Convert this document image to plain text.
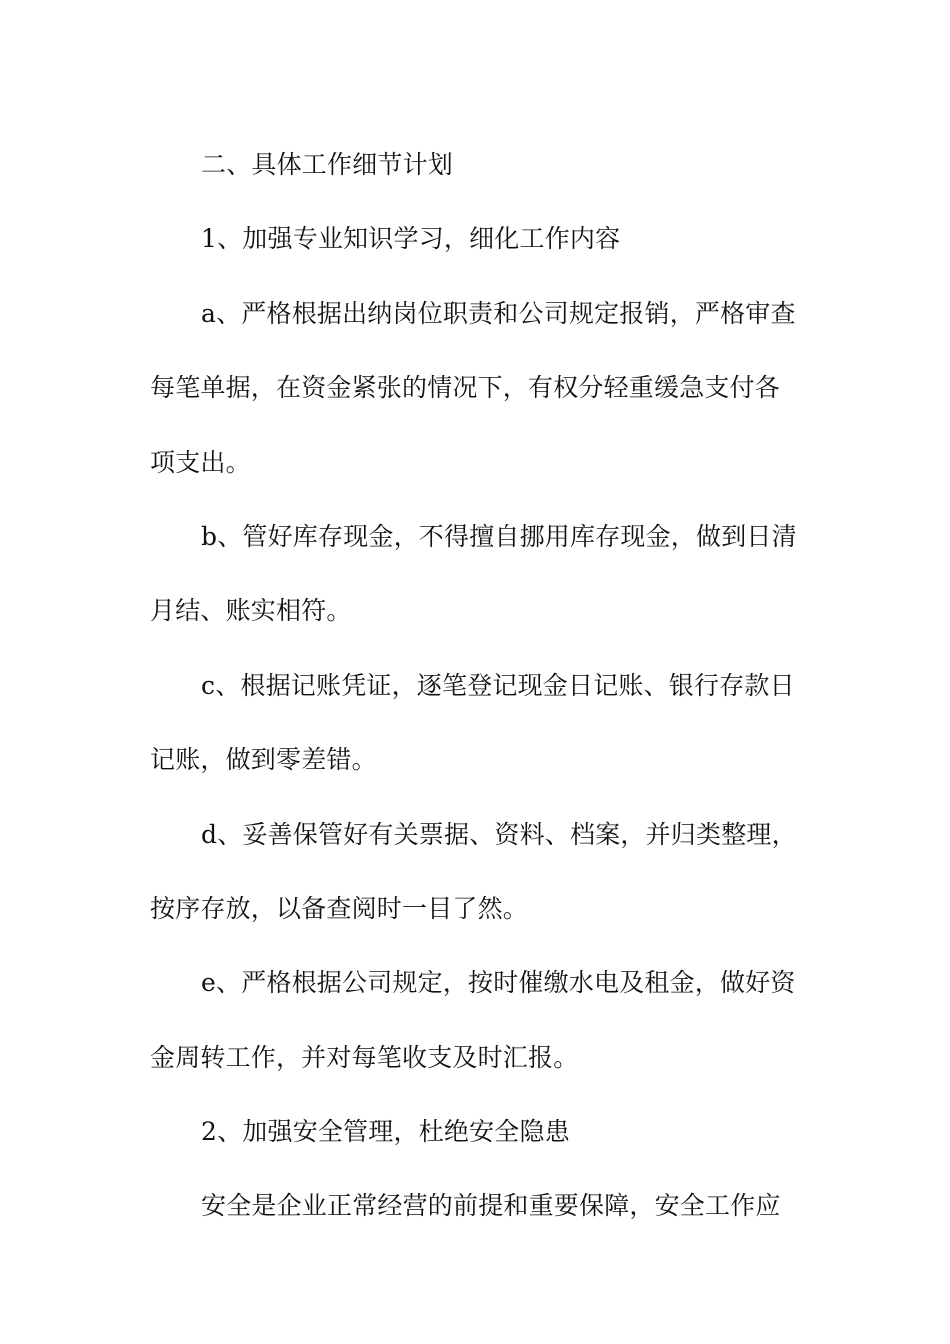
二、具体工作细节计划
1、加强专业知识学习，细化工作内容
a、严格根据出纳岗位职责和公司规定报销，严格审查
每笔单据，在资金紧张的情况下，有权分轻重缓急支付各
项支出。
b、管好库存现金，不得擅自挪用库存现金，做到日清
月结、账实相符。
c、根据记账凭证，逐笔登记现金日记账、银行存款日
记账，做到零差错。
d、妥善保管好有关票据、资料、档案，并归类整理，
按序存放，以备查阅时一目了然。
e、严格根据公司规定，按时催缴水电及租金，做好资
金周转工作，并对每笔收支及时汇报。
2、加强安全管理，杜绝安全隐患
安全是企业正常经营的前提和重要保障，安全工作应
